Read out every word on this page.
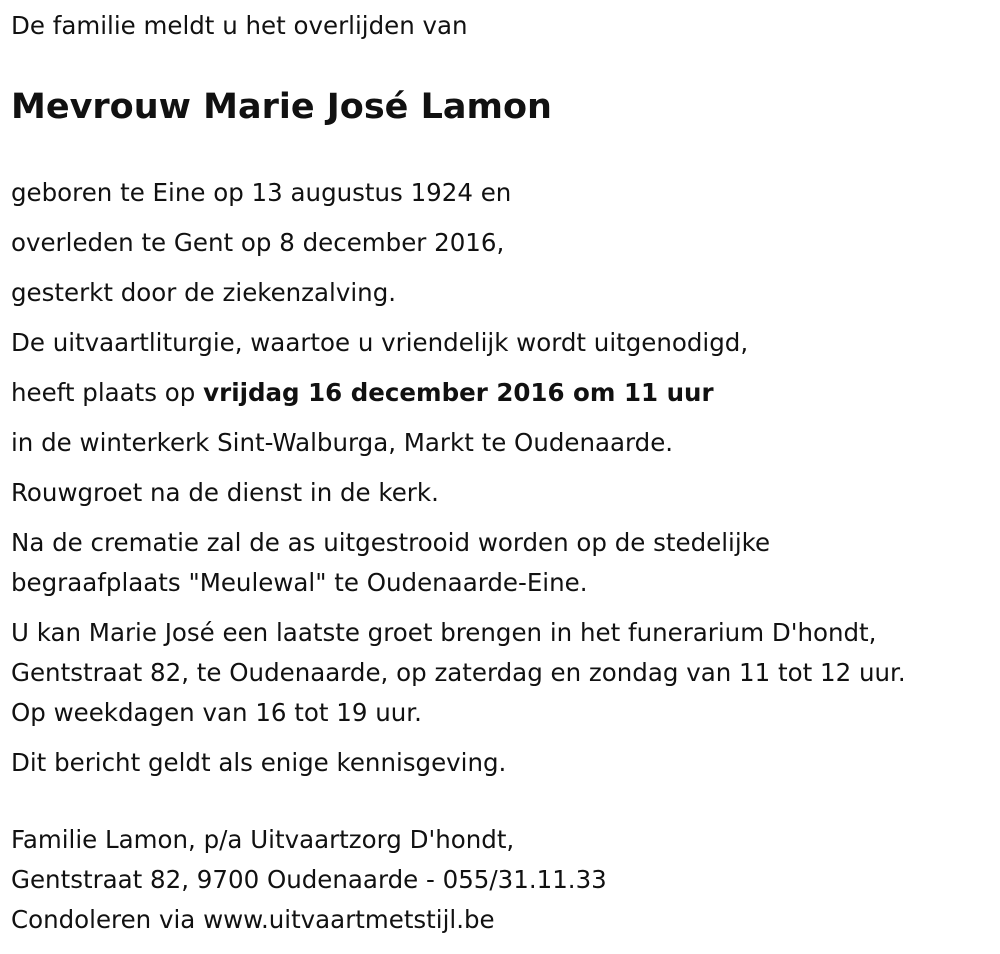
De familie meldt u het overlijden van

Mevrouw Marie José Lamon

geboren te Eine op 13 augustus 1924 en

overleden te Gent op 8 december 2016,

gesterkt door de ziekenzalving.

De uitvaartliturgie, waartoe u vriendelijk wordt uitgenodigd,

heeft plaats op vrijdag 16 december 2016 om 11 uur

in de winterkerk Sint-Walburga, Markt te Oudenaarde.

Rouwgroet na de dienst in de kerk.

Na de crematie zal de as uitgestrooid worden op de stedelijke

begraafplaats "Meulewal" te Oudenaarde-Eine.

U kan Marie José een laatste groet brengen in het funerarium D'hondt,

Gentstraat 82, te Oudenaarde, op zaterdag en zondag van 11 tot 12 uur.

Op weekdagen van 16 tot 19 uur.

Dit bericht geldt als enige kennisgeving.

Familie Lamon, p/a Uitvaartzorg D'hondt,

Gentstraat 82, 9700 Oudenaarde - 055/31.11.33

Condoleren via www.uitvaartmetstijl.be
